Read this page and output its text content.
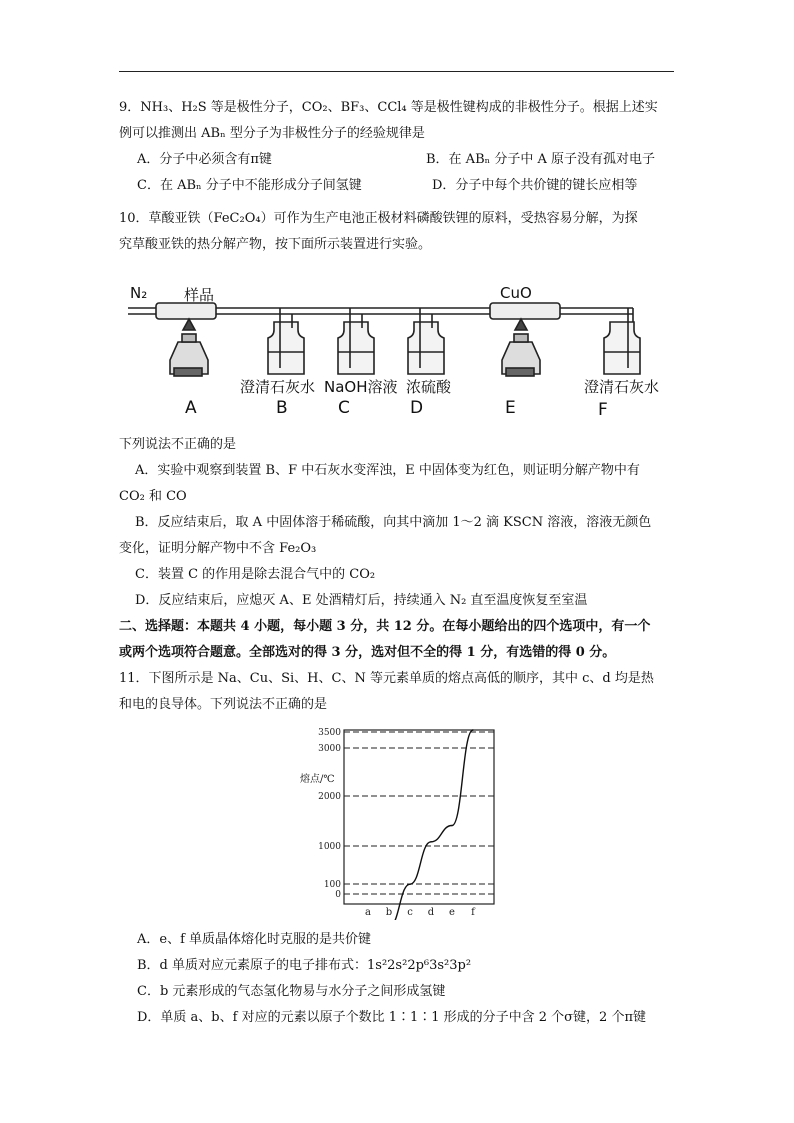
9．NH₃、H₂S 等是极性分子，CO₂、BF₃、CCl₄ 等是极性键构成的非极性分子。根据上述实
例可以推测出 ABₙ 型分子为非极性分子的经验规律是
A．分子中必须含有π键	B．在 ABₙ 分子中 A 原子没有孤对电子
C．在 ABₙ 分子中不能形成分子间氢键	D．分子中每个共价键的键长应相等
10．草酸亚铁（FeC₂O₄）可作为生产电池正极材料磷酸铁锂的原料，受热容易分解，为探
究草酸亚铁的热分解产物，按下面所示装置进行实验。
N₂ 样品	CuO
澄清石灰水 NaOH溶液 浓硫酸	澄清石灰水
A	B	C	D	E	F
下列说法不正确的是
A．实验中观察到装置 B、F 中石灰水变浑浊，E 中固体变为红色，则证明分解产物中有
CO₂ 和 CO
B．反应结束后，取 A 中固体溶于稀硫酸，向其中滴加 1～2 滴 KSCN 溶液，溶液无颜色
变化，证明分解产物中不含 Fe₂O₃
C．装置 C 的作用是除去混合气中的 CO₂
D．反应结束后，应熄灭 A、E 处酒精灯后，持续通入 N₂ 直至温度恢复至室温
二、选择题：本题共 4 小题，每小题 3 分，共 12 分。在每小题给出的四个选项中，有一个
或两个选项符合题意。全部选对的得 3 分，选对但不全的得 1 分，有选错的得 0 分。
11．下图所示是 Na、Cu、Si、H、C、N 等元素单质的熔点高低的顺序，其中 c、d 均是热
和电的良导体。下列说法不正确的是
0
100
1000
2000
3000
3500
a b c d e f
熔点/℃
A．e、f 单质晶体熔化时克服的是共价键
B．d 单质对应元素原子的电子排布式：1s²2s²2p⁶3s²3p²
C．b 元素形成的气态氢化物易与水分子之间形成氢键
D．单质 a、b、f 对应的元素以原子个数比 1∶1∶1 形成的分子中含 2 个σ键，2 个π键
